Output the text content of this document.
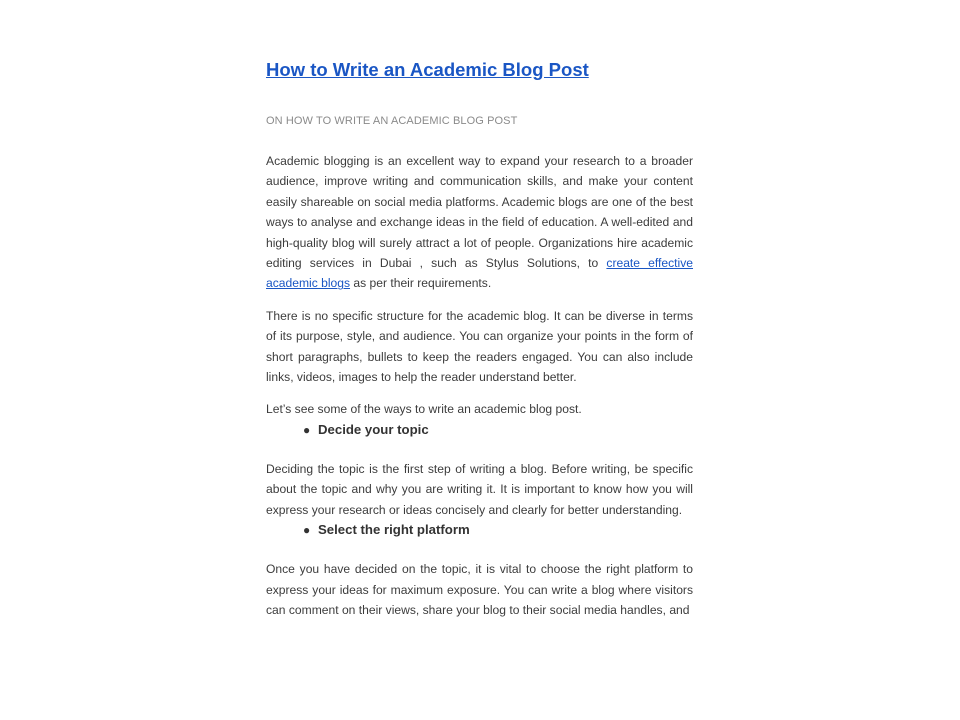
How to Write an Academic Blog Post
ON HOW TO WRITE AN ACADEMIC BLOG POST

Academic blogging is an excellent way to expand your research to a broader audience, improve writing and communication skills, and make your content easily shareable on social media platforms. Academic blogs are one of the best ways to analyse and exchange ideas in the field of education. A well-edited and high-quality blog will surely attract a lot of people. Organizations hire academic editing services in Dubai , such as Stylus Solutions, to create effective academic blogs as per their requirements.

There is no specific structure for the academic blog. It can be diverse in terms of its purpose, style, and audience. You can organize your points in the form of short paragraphs, bullets to keep the readers engaged. You can also include links, videos, images to help the reader understand better.

Let’s see some of the ways to write an academic blog post.

● Decide your topic

Deciding the topic is the first step of writing a blog. Before writing, be specific about the topic and why you are writing it. It is important to know how you will express your research or ideas concisely and clearly for better understanding.

● Select the right platform

Once you have decided on the topic, it is vital to choose the right platform to express your ideas for maximum exposure. You can write a blog where visitors can comment on their views, share your blog to their social media handles, and
